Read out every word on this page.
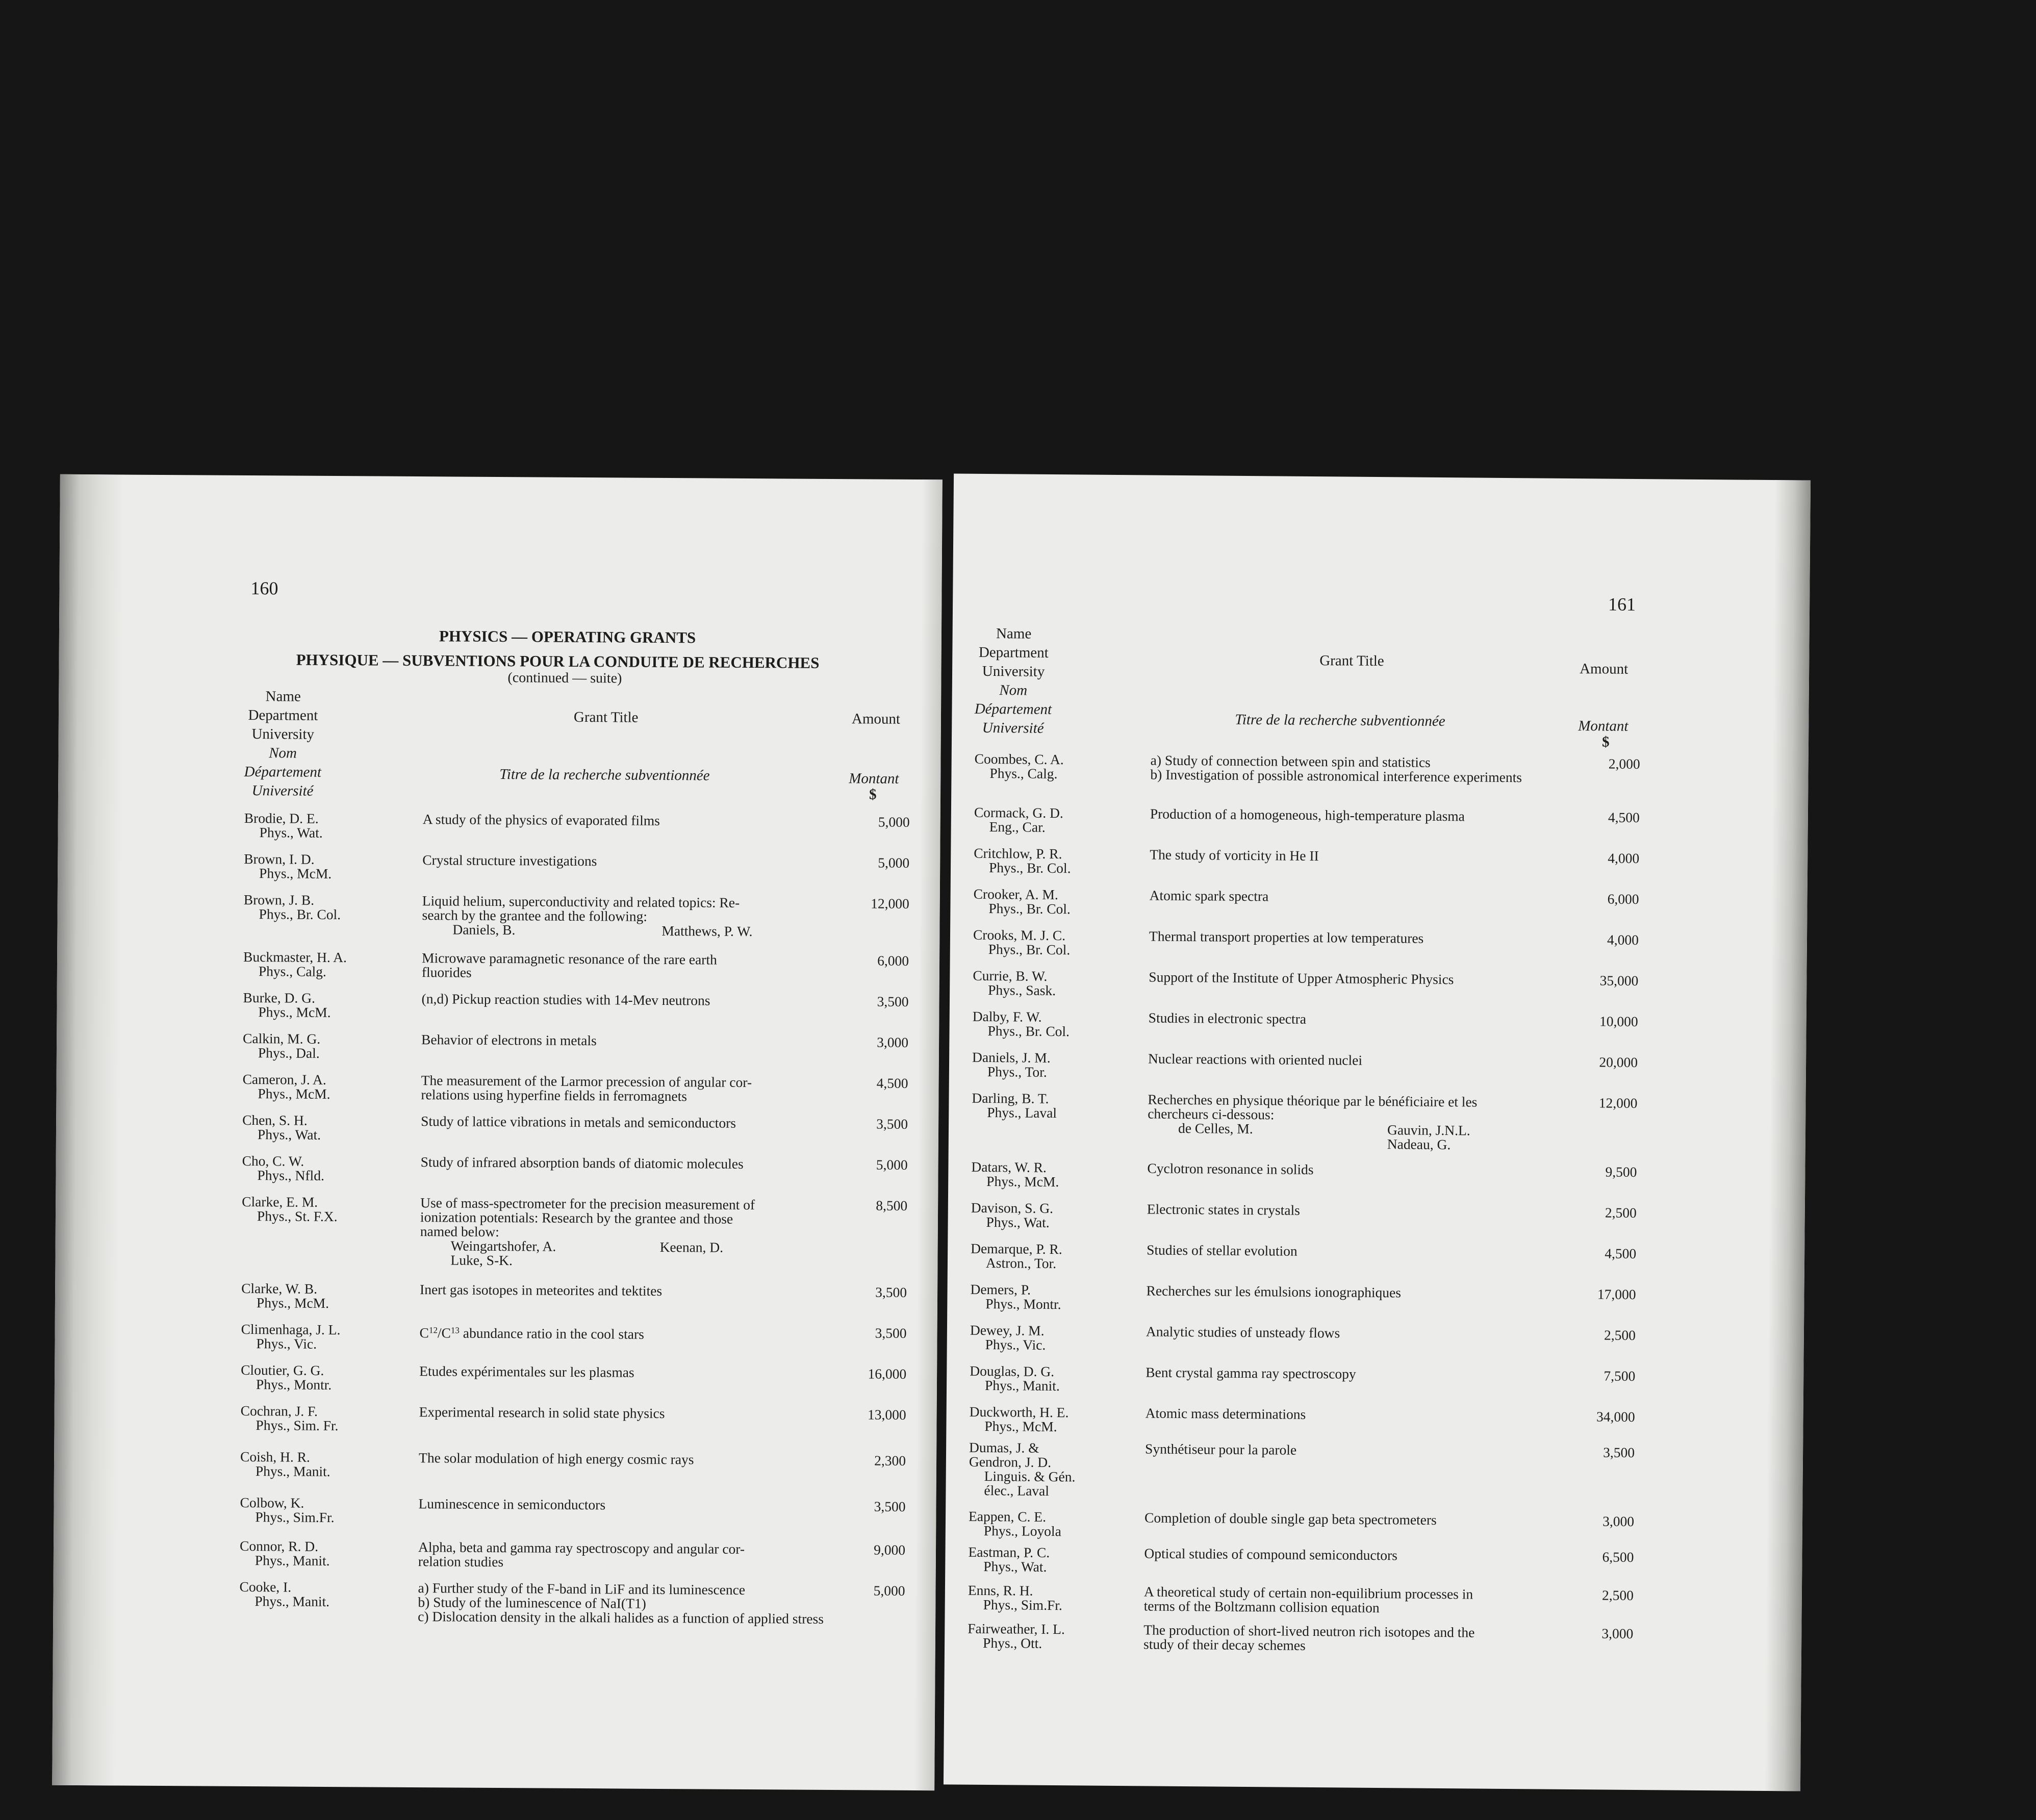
160
PHYSICS — OPERATING GRANTS
PHYSIQUE — SUBVENTIONS POUR LA CONDUITE DE RECHERCHES
(continued — suite)
Name
Department
University
Nom
Département
Université
Grant Title
Titre de la recherche subventionnée
Amount
Montant
$
Brodie, D. E.
Phys., Wat.
A study of the physics of evaporated films	5,000
Brown, I. D.
Phys., McM.
Crystal structure investigations	5,000
Brown, J. B.
Phys., Br. Col.
Liquid helium, superconductivity and related topics: Re-
search by the grantee and the following:
Daniels, B.	Matthews, P. W.
12,000
Buckmaster, H. A.
Phys., Calg.
Microwave paramagnetic resonance of the rare earth
fluorides
6,000
Burke, D. G.
Phys., McM.
(n,d) Pickup reaction studies with 14-Mev neutrons	3,500
Calkin, M. G.
Phys., Dal.
Behavior of electrons in metals	3,000
Cameron, J. A.
Phys., McM.
The measurement of the Larmor precession of angular cor-
relations using hyperfine fields in ferromagnets
4,500
Chen, S. H.
Phys., Wat.
Study of lattice vibrations in metals and semiconductors	3,500
Cho, C. W.
Phys., Nfld.
Study of infrared absorption bands of diatomic molecules	5,000
Clarke, E. M.
Phys., St. F.X.
Use of mass-spectrometer for the precision measurement of
ionization potentials: Research by the grantee and those
named below:
Weingartshofer, A.	Keenan, D.
Luke, S-K.
8,500
Clarke, W. B.
Phys., McM.
Inert gas isotopes in meteorites and tektites	3,500
Climenhaga, J. L.
Phys., Vic.
$C^{12}/C^{13}$ abundance ratio in the cool stars	3,500
Cloutier, G. G.
Phys., Montr.
Etudes expérimentales sur les plasmas	16,000
Cochran, J. F.
Phys., Sim. Fr.
Experimental research in solid state physics	13,000
Coish, H. R.
Phys., Manit.
The solar modulation of high energy cosmic rays	2,300
Colbow, K.
Phys., Sim.Fr.
Luminescence in semiconductors	3,500
Connor, R. D.
Phys., Manit.
Alpha, beta and gamma ray spectroscopy and angular cor-
relation studies
9,000
Cooke, I.
Phys., Manit.
a) Further study of the F-band in LiF and its luminescence
b) Study of the luminescence of NaI(T1)
c) Dislocation density in the alkali halides as a function of applied stress
5,000
161
Name
Department
University
Nom
Département
Université
Grant Title
Titre de la recherche subventionnée
Amount
Montant
$
Coombes, C. A.
Phys., Calg.
a) Study of connection between spin and statistics
b) Investigation of possible astronomical interference experiments
2,000
Cormack, G. D.
Eng., Car.
Production of a homogeneous, high-temperature plasma	4,500
Critchlow, P. R.
Phys., Br. Col.
The study of vorticity in He II	4,000
Crooker, A. M.
Phys., Br. Col.
Atomic spark spectra	6,000
Crooks, M. J. C.
Phys., Br. Col.
Thermal transport properties at low temperatures	4,000
Currie, B. W.
Phys., Sask.
Support of the Institute of Upper Atmospheric Physics	35,000
Dalby, F. W.
Phys., Br. Col.
Studies in electronic spectra	10,000
Daniels, J. M.
Phys., Tor.
Nuclear reactions with oriented nuclei	20,000
Darling, B. T.
Phys., Laval
Recherches en physique théorique par le bénéficiaire et les
chercheurs ci-dessous:
de Celles, M.	Gauvin, J.N.L.
Nadeau, G.
12,000
Datars, W. R.
Phys., McM.
Cyclotron resonance in solids	9,500
Davison, S. G.
Phys., Wat.
Electronic states in crystals	2,500
Demarque, P. R.
Astron., Tor.
Studies of stellar evolution	4,500
Demers, P.
Phys., Montr.
Recherches sur les émulsions ionographiques	17,000
Dewey, J. M.
Phys., Vic.
Analytic studies of unsteady flows	2,500
Douglas, D. G.
Phys., Manit.
Bent crystal gamma ray spectroscopy	7,500
Duckworth, H. E.
Phys., McM.
Atomic mass determinations	34,000
Dumas, J. &
Gendron, J. D.
Linguis. & Gén.
élec., Laval
Synthétiseur pour la parole	3,500
Eappen, C. E.
Phys., Loyola
Completion of double single gap beta spectrometers	3,000
Eastman, P. C.
Phys., Wat.
Optical studies of compound semiconductors	6,500
Enns, R. H.
Phys., Sim.Fr.
A theoretical study of certain non-equilibrium processes in
terms of the Boltzmann collision equation
2,500
Fairweather, I. L.
Phys., Ott.
The production of short-lived neutron rich isotopes and the
study of their decay schemes
3,000
